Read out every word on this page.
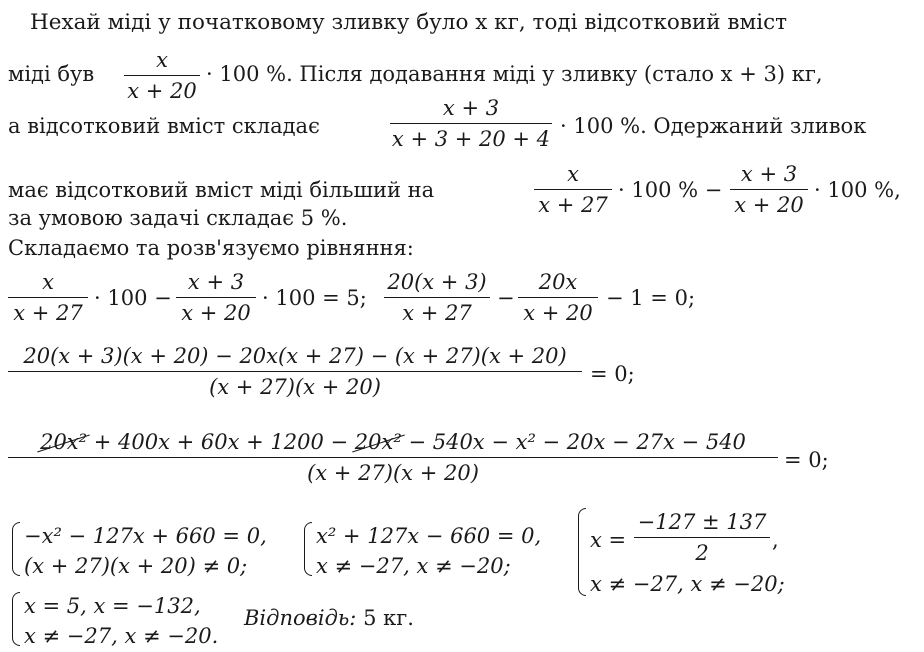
Нехай міді у початковому зливку було x кг, тоді відсотковий вміст
міді був
x
x + 20
· 100 %. Після додавання міді у зливку (стало x + 3) кг,
а відсотковий вміст складає
x + 3
x + 3 + 20 + 4
· 100 %. Одержаний зливок
має відсотковий вміст міді більший на
x
x + 27
· 100 % −
x + 3
x + 20
· 100 %,
за умовою задачі складає 5 %.
Складаємо та розв'язуємо рівняння:
x
x + 27
· 100 −
x + 3
x + 20
· 100 = 5;
20(x + 3)
x + 27
−
20x
x + 20
− 1 = 0;
20(x + 3)(x + 20) − 20x(x + 27) − (x + 27)(x + 20)
(x + 27)(x + 20)
= 0;
20x² + 400x + 60x + 1200 − 20x² − 540x − x² − 20x − 27x − 540
(x + 27)(x + 20)
= 0;
−x² − 127x + 660 = 0,
(x + 27)(x + 20) ≠ 0;
x² + 127x − 660 = 0,
x ≠ −27, x ≠ −20;
x =
−127 ± 137
2
,
x ≠ −27, x ≠ −20;
x = 5, x = −132,
x ≠ −27, x ≠ −20.
Відповідь: 5 кг.
